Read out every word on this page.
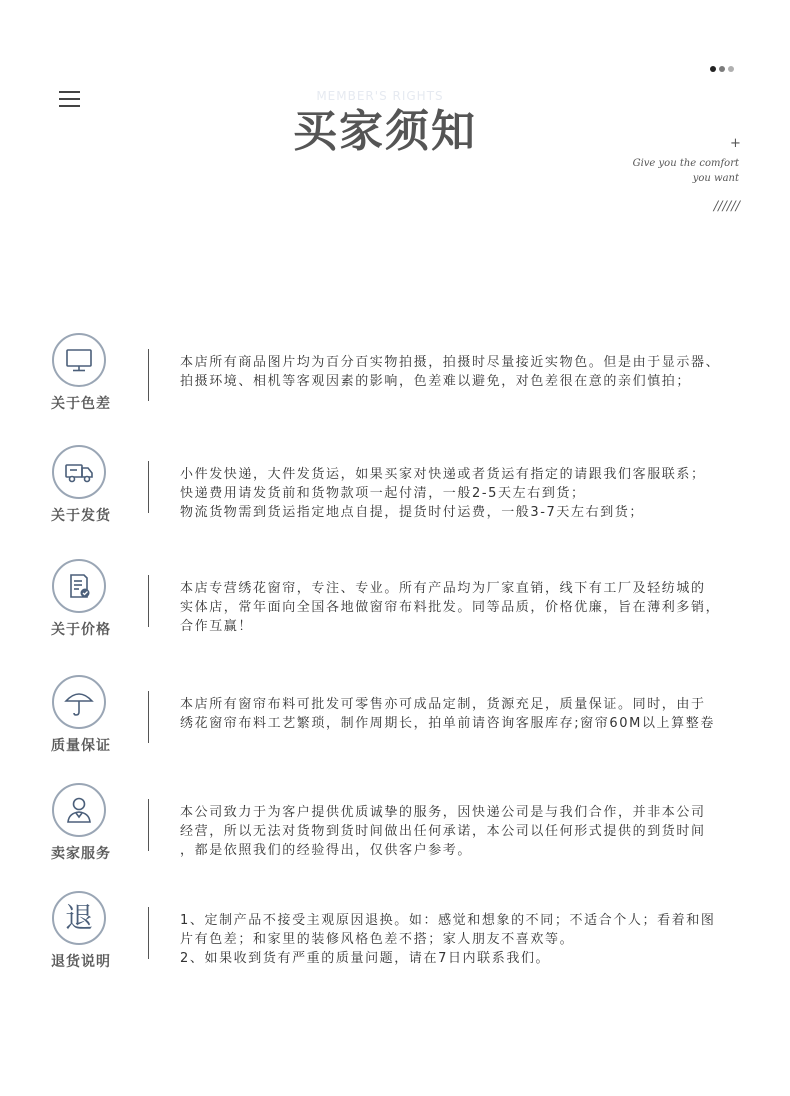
MEMBER'S RIGHTS
买家须知	+
Give you the comfort
you want
//////
关于色差
本店所有商品图片均为百分百实物拍摄，拍摄时尽量接近实物色。但是由于显示器、
拍摄环境、相机等客观因素的影响，色差难以避免，对色差很在意的亲们慎拍；
关于发货
小件发快递，大件发货运，如果买家对快递或者货运有指定的请跟我们客服联系；
快递费用请发货前和货物款项一起付清，一般2-5天左右到货；
物流货物需到货运指定地点自提，提货时付运费，一般3-7天左右到货；
关于价格
本店专营绣花窗帘，专注、专业。所有产品均为厂家直销，线下有工厂及轻纺城的
实体店，常年面向全国各地做窗帘布料批发。同等品质，价格优廉，旨在薄利多销，
合作互赢！
质量保证
本店所有窗帘布料可批发可零售亦可成品定制，货源充足，质量保证。同时，由于
绣花窗帘布料工艺繁琐，制作周期长，拍单前请咨询客服库存;窗帘60M以上算整卷
卖家服务
本公司致力于为客户提供优质诚挚的服务，因快递公司是与我们合作，并非本公司
经营，所以无法对货物到货时间做出任何承诺，本公司以任何形式提供的到货时间
，都是依照我们的经验得出，仅供客户参考。
退
退货说明
1、定制产品不接受主观原因退换。如：感觉和想象的不同；不适合个人；看着和图
片有色差；和家里的装修风格色差不搭；家人朋友不喜欢等。
2、如果收到货有严重的质量问题，请在7日内联系我们。
